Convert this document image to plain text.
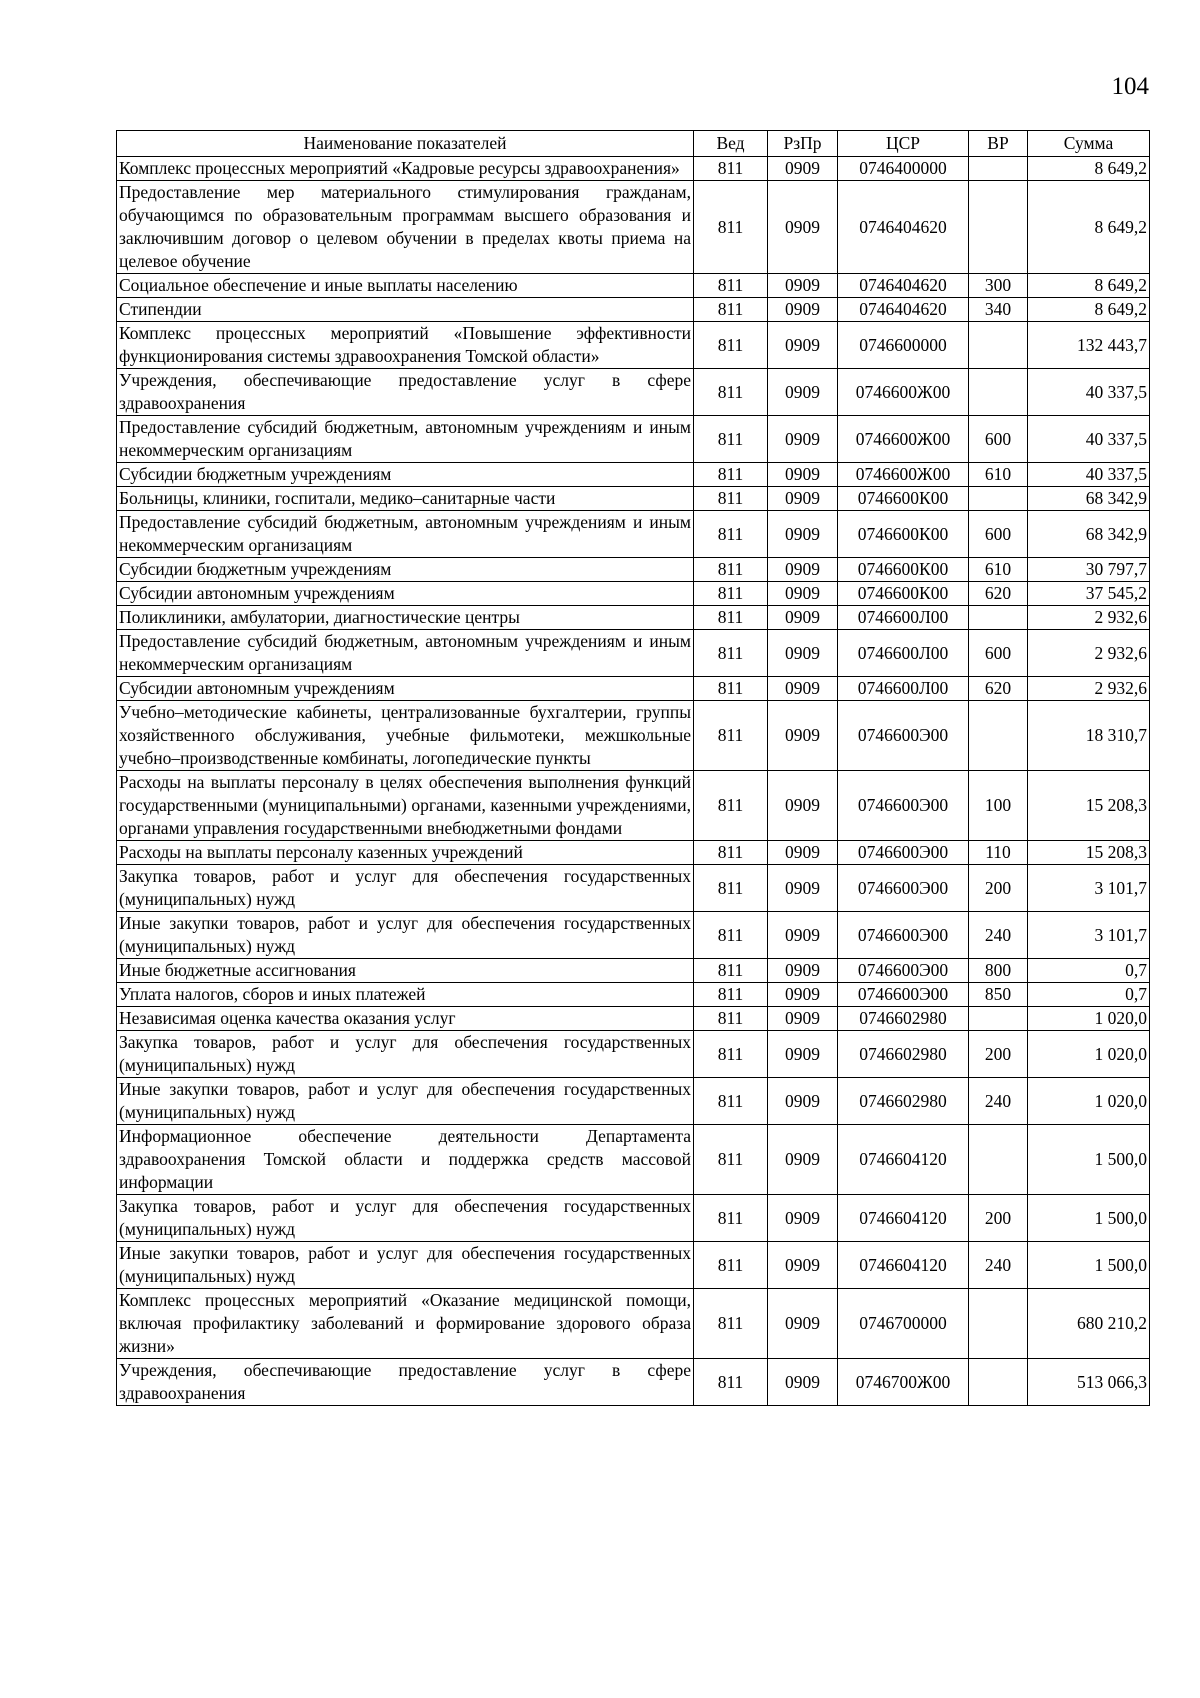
104
Наименование показателей	Вед	РзПр	ЦСР	ВР	Сумма
Комплекс процессных мероприятий «Кадровые ресурсы здравоохранения»	811	0909	0746400000		8 649,2
Предоставление мер материального стимулирования гражданам, обучающимся по образовательным программам высшего образования и заключившим договор о целевом обучении в пределах квоты приема на целевое обучение	811	0909	0746404620		8 649,2
Социальное обеспечение и иные выплаты населению	811	0909	0746404620	300	8 649,2
Стипендии	811	0909	0746404620	340	8 649,2
Комплекс процессных мероприятий «Повышение эффективности функционирования системы здравоохранения Томской области»	811	0909	0746600000		132 443,7
Учреждения, обеспечивающие предоставление услуг в сфере здравоохранения	811	0909	0746600Ж00		40 337,5
Предоставление субсидий бюджетным, автономным учреждениям и иным некоммерческим организациям	811	0909	0746600Ж00	600	40 337,5
Субсидии бюджетным учреждениям	811	0909	0746600Ж00	610	40 337,5
Больницы, клиники, госпитали, медико–санитарные части	811	0909	0746600К00		68 342,9
Предоставление субсидий бюджетным, автономным учреждениям и иным некоммерческим организациям	811	0909	0746600К00	600	68 342,9
Субсидии бюджетным учреждениям	811	0909	0746600К00	610	30 797,7
Субсидии автономным учреждениям	811	0909	0746600К00	620	37 545,2
Поликлиники, амбулатории, диагностические центры	811	0909	0746600Л00		2 932,6
Предоставление субсидий бюджетным, автономным учреждениям и иным некоммерческим организациям	811	0909	0746600Л00	600	2 932,6
Субсидии автономным учреждениям	811	0909	0746600Л00	620	2 932,6
Учебно–методические кабинеты, централизованные бухгалтерии, группы хозяйственного обслуживания, учебные фильмотеки, межшкольные учебно–производственные комбинаты, логопедические пункты	811	0909	0746600Э00		18 310,7
Расходы на выплаты персоналу в целях обеспечения выполнения функций государственными (муниципальными) органами, казенными учреждениями, органами управления государственными внебюджетными фондами	811	0909	0746600Э00	100	15 208,3
Расходы на выплаты персоналу казенных учреждений	811	0909	0746600Э00	110	15 208,3
Закупка товаров, работ и услуг для обеспечения государственных (муниципальных) нужд	811	0909	0746600Э00	200	3 101,7
Иные закупки товаров, работ и услуг для обеспечения государственных (муниципальных) нужд	811	0909	0746600Э00	240	3 101,7
Иные бюджетные ассигнования	811	0909	0746600Э00	800	0,7
Уплата налогов, сборов и иных платежей	811	0909	0746600Э00	850	0,7
Независимая оценка качества оказания услуг	811	0909	0746602980		1 020,0
Закупка товаров, работ и услуг для обеспечения государственных (муниципальных) нужд	811	0909	0746602980	200	1 020,0
Иные закупки товаров, работ и услуг для обеспечения государственных (муниципальных) нужд	811	0909	0746602980	240	1 020,0
Информационное обеспечение деятельности Департамента здравоохранения Томской области и поддержка средств массовой информации	811	0909	0746604120		1 500,0
Закупка товаров, работ и услуг для обеспечения государственных (муниципальных) нужд	811	0909	0746604120	200	1 500,0
Иные закупки товаров, работ и услуг для обеспечения государственных (муниципальных) нужд	811	0909	0746604120	240	1 500,0
Комплекс процессных мероприятий «Оказание медицинской помощи, включая профилактику заболеваний и формирование здорового образа жизни»	811	0909	0746700000		680 210,2
Учреждения, обеспечивающие предоставление услуг в сфере здравоохранения	811	0909	0746700Ж00		513 066,3
